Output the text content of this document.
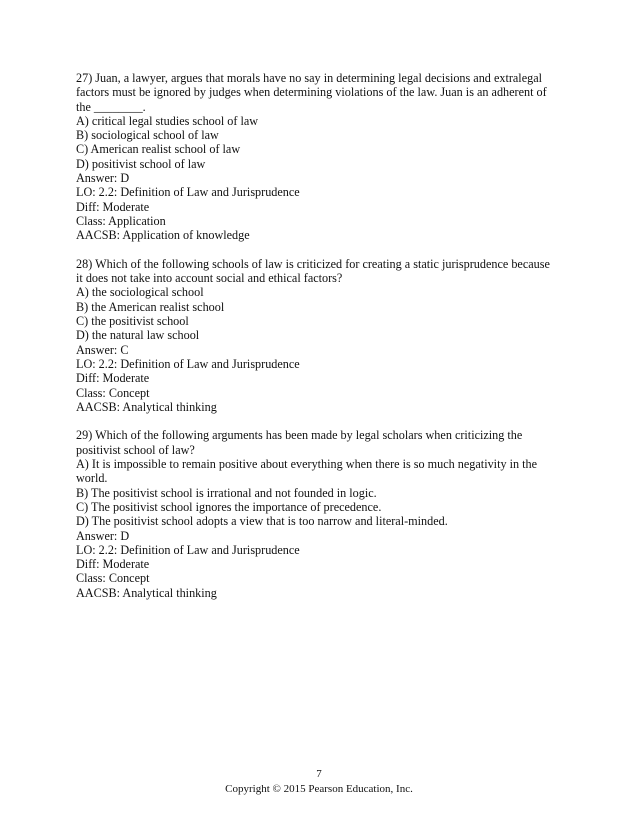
27) Juan, a lawyer, argues that morals have no say in determining legal decisions and extralegal
factors must be ignored by judges when determining violations of the law. Juan is an adherent of
the ________.
A) critical legal studies school of law
B) sociological school of law
C) American realist school of law
D) positivist school of law
Answer: D
LO: 2.2: Definition of Law and Jurisprudence
Diff: Moderate
Class: Application
AACSB: Application of knowledge
28) Which of the following schools of law is criticized for creating a static jurisprudence because
it does not take into account social and ethical factors?
A) the sociological school
B) the American realist school
C) the positivist school
D) the natural law school
Answer: C
LO: 2.2: Definition of Law and Jurisprudence
Diff: Moderate
Class: Concept
AACSB: Analytical thinking
29) Which of the following arguments has been made by legal scholars when criticizing the
positivist school of law?
A) It is impossible to remain positive about everything when there is so much negativity in the
world.
B) The positivist school is irrational and not founded in logic.
C) The positivist school ignores the importance of precedence.
D) The positivist school adopts a view that is too narrow and literal-minded.
Answer: D
LO: 2.2: Definition of Law and Jurisprudence
Diff: Moderate
Class: Concept
AACSB: Analytical thinking
7
Copyright © 2015 Pearson Education, Inc.
